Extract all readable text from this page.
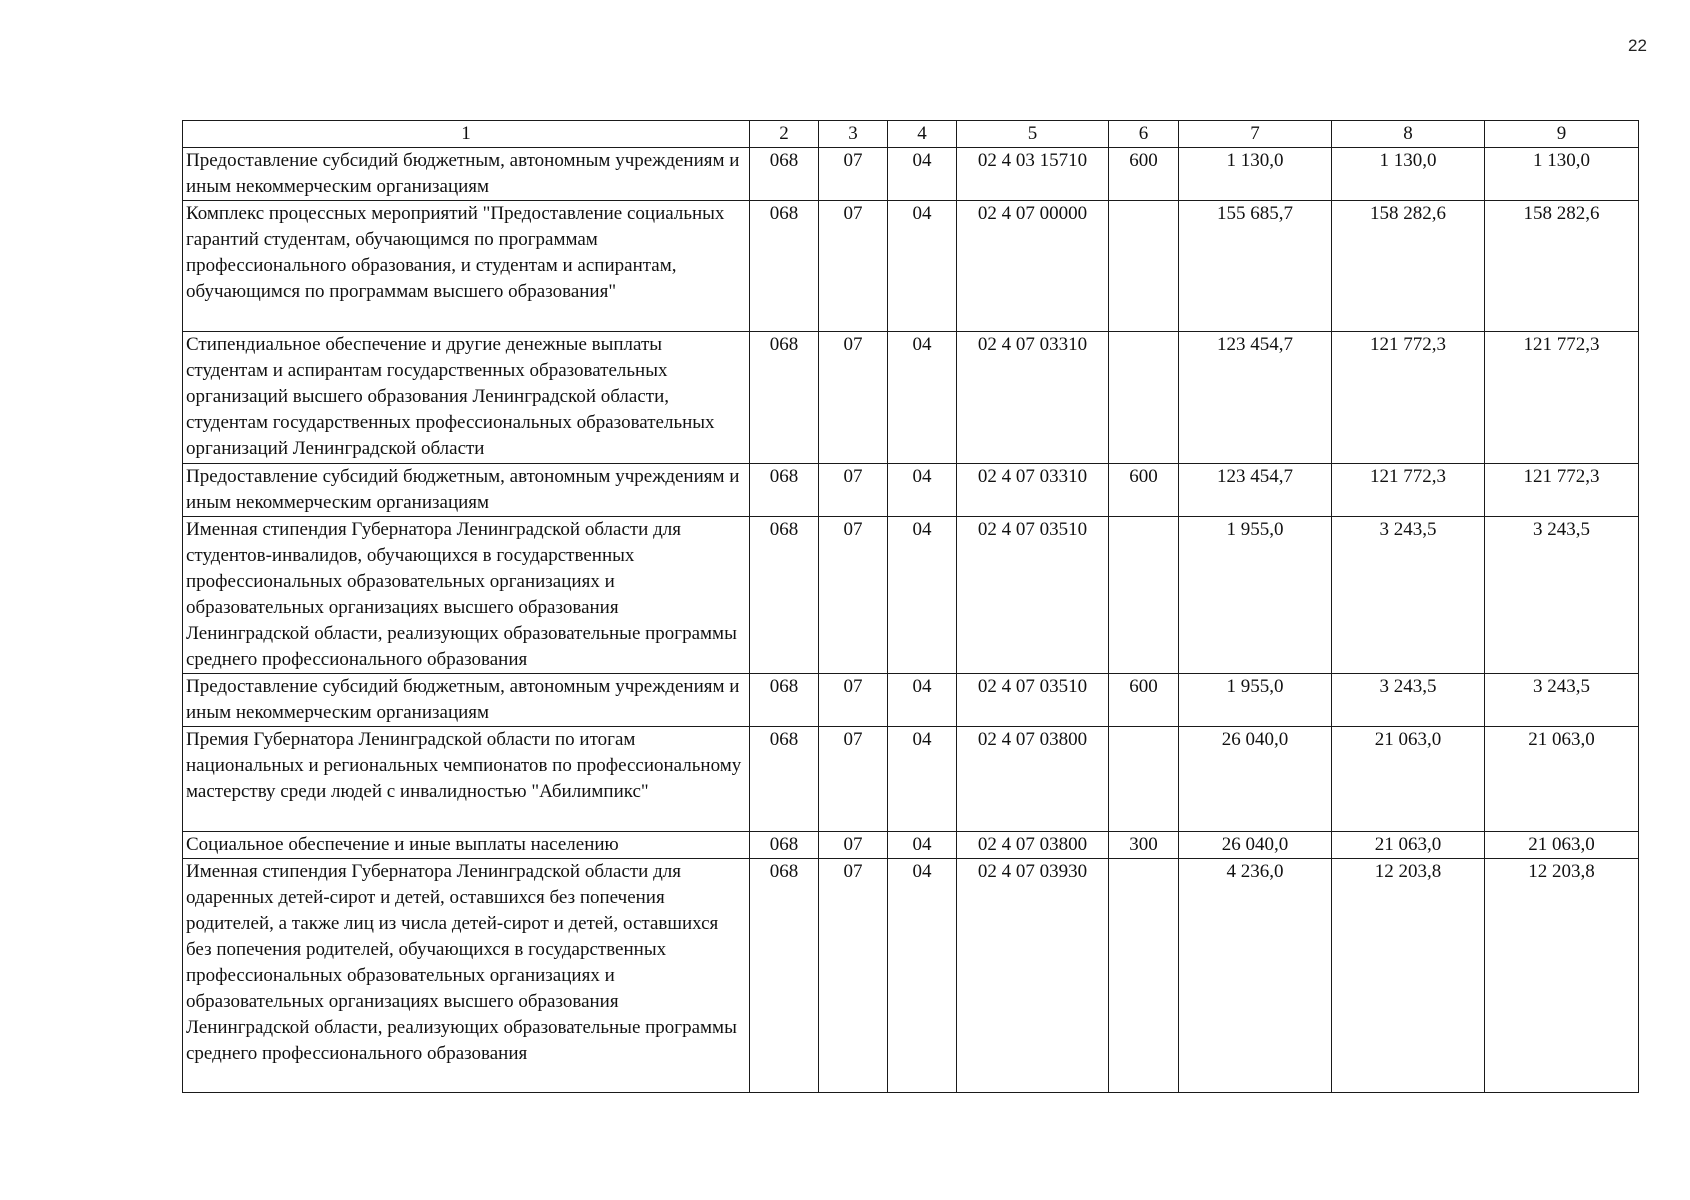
22
1	2	3	4	5	6	7	8	9
Предоставление субсидий бюджетным, автономным учреждениям и иным некоммерческим организациям	068	07	04	02 4 03 15710	600	1 130,0	1 130,0	1 130,0
Комплекс процессных мероприятий "Предоставление социальных гарантий студентам, обучающимся по программам профессионального образования, и студентам и аспирантам, обучающимся по программам высшего образования"	068	07	04	02 4 07 00000		155 685,7	158 282,6	158 282,6
Стипендиальное обеспечение и другие денежные выплаты студентам и аспирантам государственных образовательных организаций высшего образования Ленинградской области, студентам государственных профессиональных образовательных организаций Ленинградской области	068	07	04	02 4 07 03310		123 454,7	121 772,3	121 772,3
Предоставление субсидий бюджетным, автономным учреждениям и иным некоммерческим организациям	068	07	04	02 4 07 03310	600	123 454,7	121 772,3	121 772,3
Именная стипендия Губернатора Ленинградской области для студентов-инвалидов, обучающихся в государственных профессиональных образовательных организациях и образовательных организациях высшего образования Ленинградской области, реализующих образовательные программы среднего профессионального образования	068	07	04	02 4 07 03510		1 955,0	3 243,5	3 243,5
Предоставление субсидий бюджетным, автономным учреждениям и иным некоммерческим организациям	068	07	04	02 4 07 03510	600	1 955,0	3 243,5	3 243,5
Премия Губернатора Ленинградской области по итогам национальных и региональных чемпионатов по профессиональному мастерству среди людей с инвалидностью "Абилимпикс"	068	07	04	02 4 07 03800		26 040,0	21 063,0	21 063,0
Социальное обеспечение и иные выплаты населению	068	07	04	02 4 07 03800	300	26 040,0	21 063,0	21 063,0
Именная стипендия Губернатора Ленинградской области для одаренных детей-сирот и детей, оставшихся без попечения родителей, а также лиц из числа детей-сирот и детей, оставшихся без попечения родителей, обучающихся в государственных профессиональных образовательных организациях и образовательных организациях высшего образования Ленинградской области, реализующих образовательные программы среднего профессионального образования	068	07	04	02 4 07 03930		4 236,0	12 203,8	12 203,8
